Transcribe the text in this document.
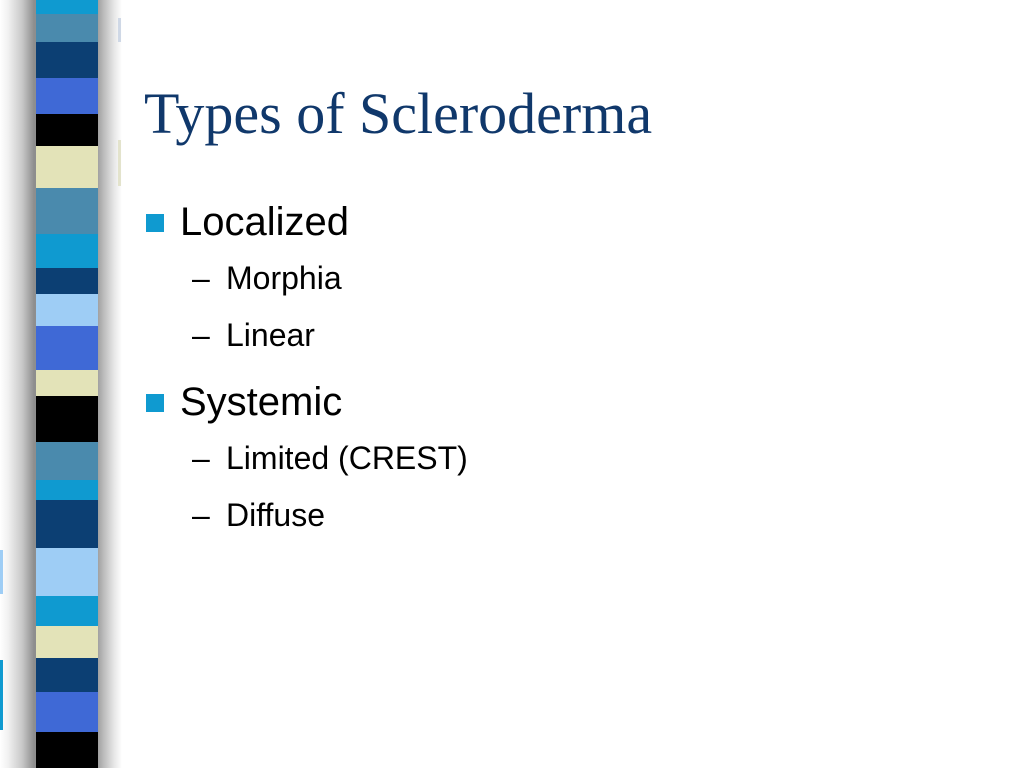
Types of Scleroderma
Localized
– Morphia
– Linear
Systemic
– Limited (CREST)
– Diffuse
